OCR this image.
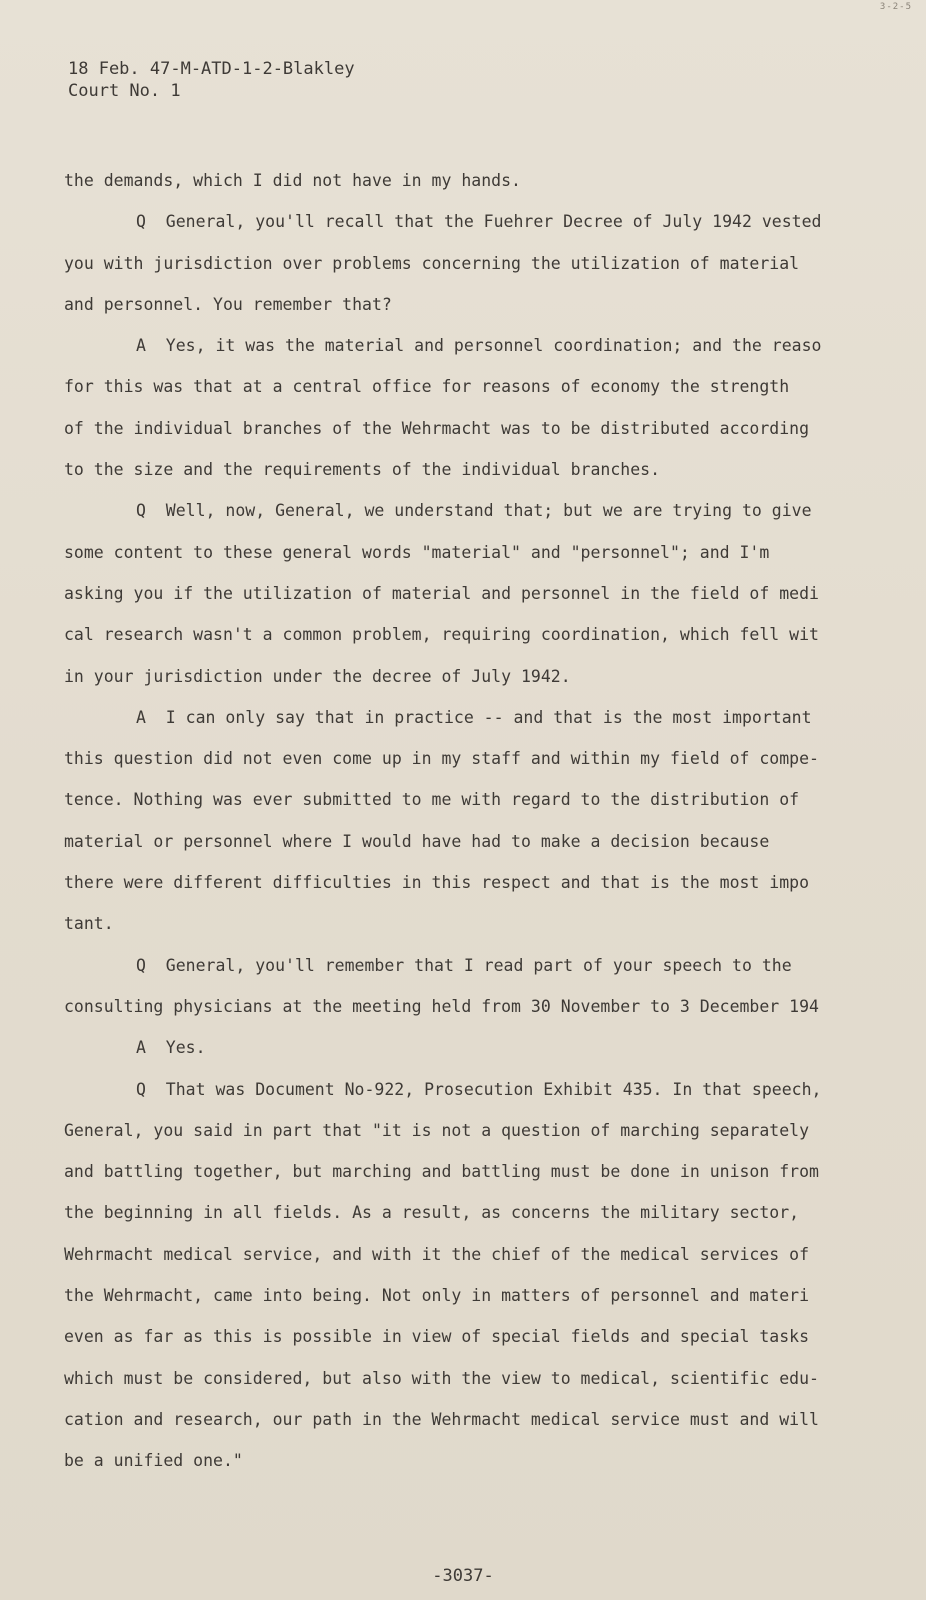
3-2-5
18 Feb. 47-M-ATD-1-2-Blakley
Court No. 1
the demands, which I did not have in my hands.
Q  General, you'll recall that the Fuehrer Decree of July 1942 vested
you with jurisdiction over problems concerning the utilization of material
and personnel. You remember that?
A  Yes, it was the material and personnel coordination; and the reaso
for this was that at a central office for reasons of economy the strength
of the individual branches of the Wehrmacht was to be distributed according
to the size and the requirements of the individual branches.
Q  Well, now, General, we understand that; but we are trying to give
some content to these general words "material" and "personnel"; and I'm
asking you if the utilization of material and personnel in the field of medi
cal research wasn't a common problem, requiring coordination, which fell wit
in your jurisdiction under the decree of July 1942.
A  I can only say that in practice -- and that is the most important
this question did not even come up in my staff and within my field of compe-
tence. Nothing was ever submitted to me with regard to the distribution of
material or personnel where I would have had to make a decision because
there were different difficulties in this respect and that is the most impo
tant.
Q  General, you'll remember that I read part of your speech to the
consulting physicians at the meeting held from 30 November to 3 December 194
A  Yes.
Q  That was Document No-922, Prosecution Exhibit 435. In that speech,
General, you said in part that "it is not a question of marching separately
and battling together, but marching and battling must be done in unison from
the beginning in all fields. As a result, as concerns the military sector,
Wehrmacht medical service, and with it the chief of the medical services of
the Wehrmacht, came into being. Not only in matters of personnel and materi
even as far as this is possible in view of special fields and special tasks
which must be considered, but also with the view to medical, scientific edu-
cation and research, our path in the Wehrmacht medical service must and will
be a unified one."
-3037-
